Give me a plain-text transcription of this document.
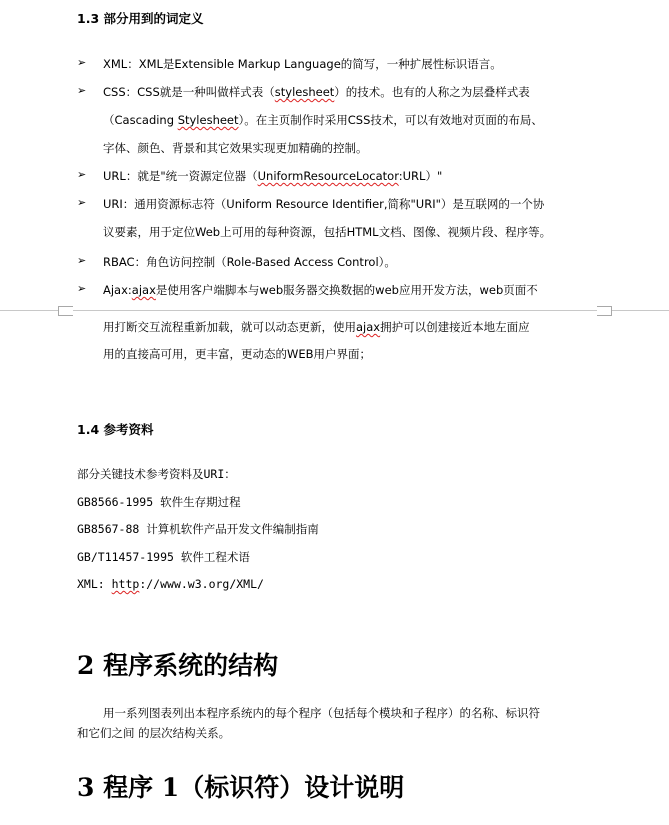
1.3 部分用到的词定义
➢ XML：XML是Extensible Markup Language的简写，一种扩展性标识语言。
➢ CSS：CSS就是一种叫做样式表（stylesheet）的技术。也有的人称之为层叠样式表
（Cascading Stylesheet）。在主页制作时采用CSS技术，可以有效地对页面的布局、
字体、颜色、背景和其它效果实现更加精确的控制。
➢ URL：就是"统一资源定位器（UniformResourceLocator:URL）"
➢ URI：通用资源标志符（Uniform Resource Identifier,简称"URI"）是互联网的一个协
议要素，用于定位Web上可用的每种资源，包括HTML文档、图像、视频片段、程序等。
➢ RBAC：角色访问控制（Role-Based Access Control）。
➢ Ajax:ajax是使用客户端脚本与web服务器交换数据的web应用开发方法，web页面不
用打断交互流程重新加载，就可以动态更新，使用ajax拥护可以创建接近本地左面应
用的直接高可用，更丰富，更动态的WEB用户界面；
1.4 参考资料
部分关键技术参考资料及URI：
GB8566-1995 软件生存期过程
GB8567-88 计算机软件产品开发文件编制指南
GB/T11457-1995 软件工程术语
XML: http://www.w3.org/XML/
2 程序系统的结构
用一系列图表列出本程序系统内的每个程序（包括每个模块和子程序）的名称、标识符
和它们之间 的层次结构关系。
3 程序 1（标识符）设计说明
